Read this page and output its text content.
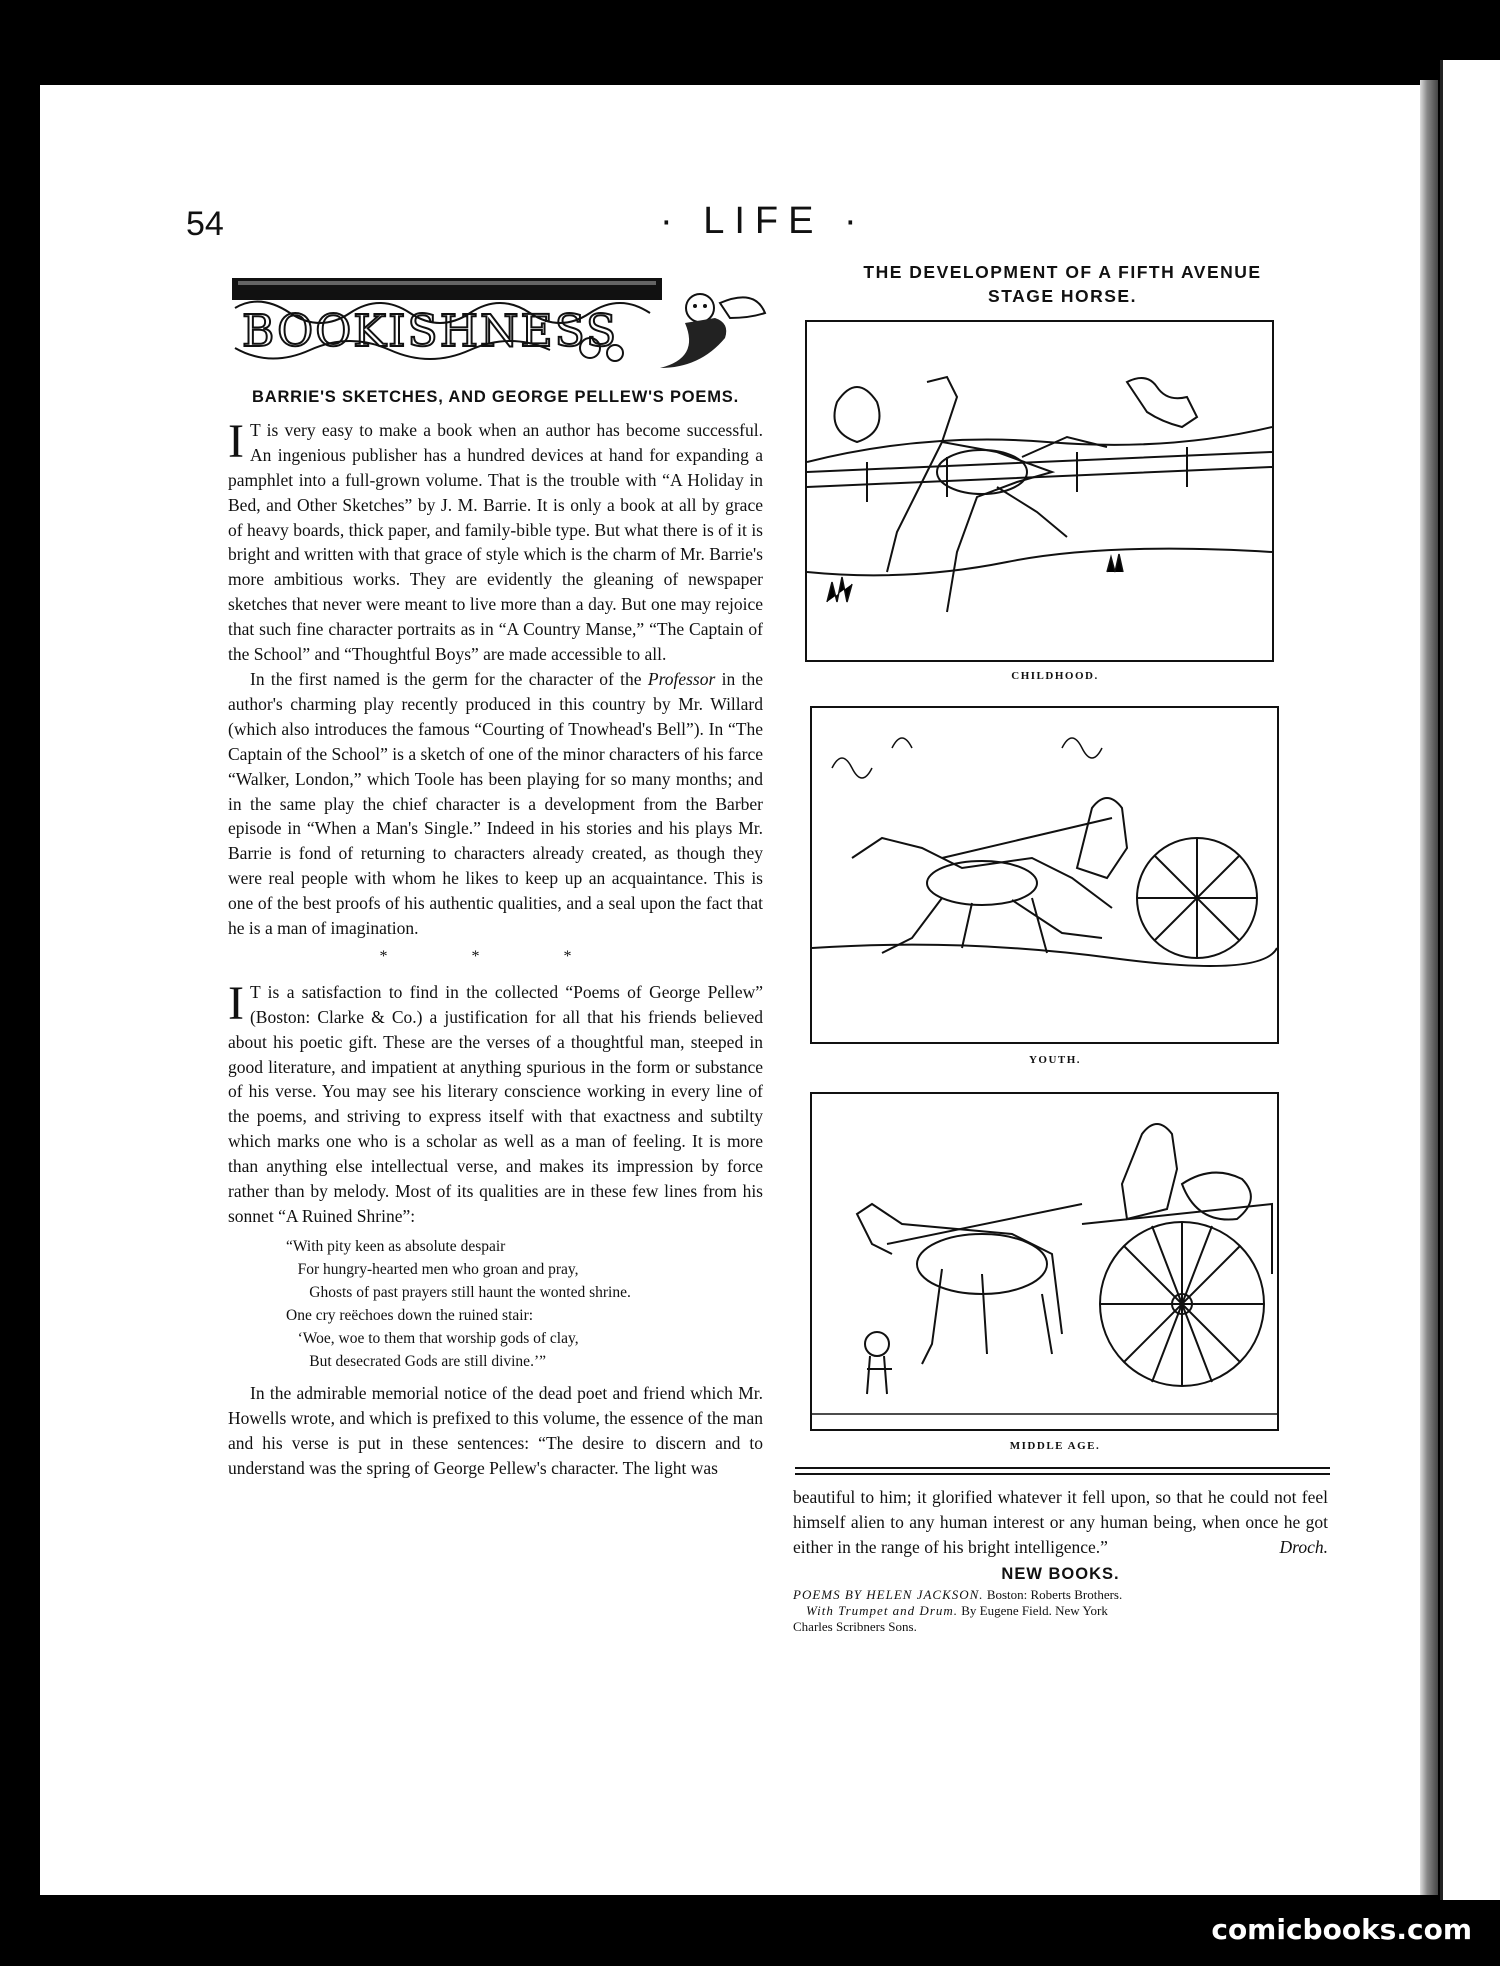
54	· LIFE ·
BOOKISHNESS
BARRIE'S SKETCHES, AND GEORGE PELLEW'S POEMS.

I T is very easy to make a book when an author has become successful. An ingenious publisher has a hundred devices at hand for expanding a pamphlet into a full-grown volume. That is the trouble with “A Holiday in Bed, and Other Sketches” by J. M. Barrie. It is only a book at all by grace of heavy boards, thick paper, and family-bible type. But what there is of it is bright and written with that grace of style which is the charm of Mr. Barrie's more ambitious works. They are evidently the gleaning of newspaper sketches that never were meant to live more than a day. But one may rejoice that such fine character portraits as in “A Country Manse,” “The Captain of the School” and “Thoughtful Boys” are made accessible to all.

In the first named is the germ for the character of the Professor in the author's charming play recently produced in this country by Mr. Willard (which also introduces the famous “Courting of Tnowhead's Bell”). In “The Captain of the School” is a sketch of one of the minor characters of his farce “Walker, London,” which Toole has been playing for so many months; and in the same play the chief character is a development from the Barber episode in “When a Man's Single.” Indeed in his stories and his plays Mr. Barrie is fond of returning to characters already created, as though they were real people with whom he likes to keep up an acquaintance. This is one of the best proofs of his authentic qualities, and a seal upon the fact that he is a man of imagination.

* * *

I T is a satisfaction to find in the collected “Poems of George Pellew” (Boston: Clarke & Co.) a justification for all that his friends believed about his poetic gift. These are the verses of a thoughtful man, steeped in good literature, and impatient at anything spurious in the form or substance of his verse. You may see his literary conscience working in every line of the poems, and striving to express itself with that exactness and subtilty which marks one who is a scholar as well as a man of feeling. It is more than anything else intellectual verse, and makes its impression by force rather than by melody. Most of its qualities are in these few lines from his sonnet “A Ruined Shrine”:

“With pity keen as absolute despair
For hungry-hearted men who groan and pray,
Ghosts of past prayers still haunt the wonted shrine.
One cry reëchoes down the ruined stair:
‘Woe, woe to them that worship gods of clay,
But desecrated Gods are still divine.’”

In the admirable memorial notice of the dead poet and friend which Mr. Howells wrote, and which is prefixed to this volume, the essence of the man and his verse is put in these sentences: “The desire to discern and to understand was the spring of George Pellew's character. The light was

THE DEVELOPMENT OF A FIFTH AVENUE
STAGE HORSE.
CHILDHOOD.
YOUTH.
MIDDLE AGE.
beautiful to him; it glorified whatever it fell upon, so that he could not feel himself alien to any human interest or any human being, when once he got either in the range of his bright intelligence.”	Droch.
NEW BOOKS.
POEMS BY HELEN JACKSON. Boston: Roberts Brothers.
With Trumpet and Drum. By Eugene Field. New York
Charles Scribners Sons.
comicbooks.com
